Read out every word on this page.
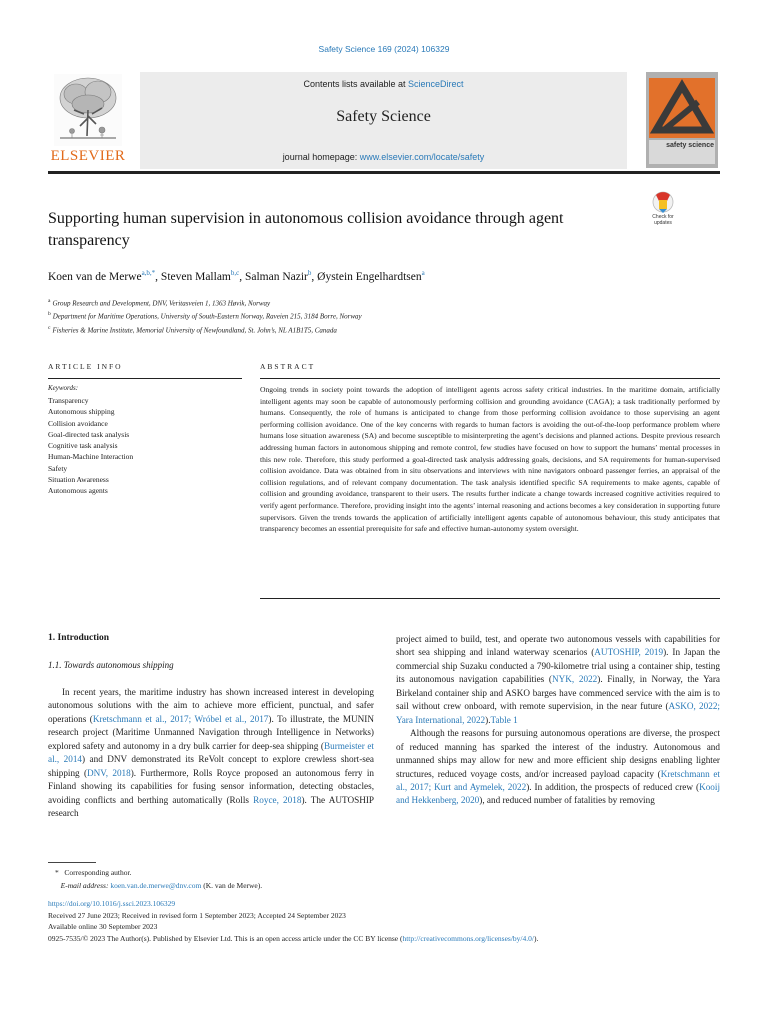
Safety Science 169 (2024) 106329
ELSEVIER
Contents lists available at ScienceDirect
Safety Science
journal homepage: www.elsevier.com/locate/safety
safety science
Supporting human supervision in autonomous collision avoidance through agent transparency
Check for
updates
Koen van de Merwe$^{a,b,*}$, Steven Mallam$^{b,c}$, Salman Nazir$^b$, Øystein Engelhardtsen$^a$
$^a$ Group Research and Development, DNV, Veritasveien 1, 1363 Høvik, Norway
$^b$ Department for Maritime Operations, University of South-Eastern Norway, Raveien 215, 3184 Borre, Norway
$^c$ Fisheries & Marine Institute, Memorial University of Newfoundland, St. John’s, NL A1B1T5, Canada
ARTICLE INFO
Keywords:
Transparency
Autonomous shipping
Collision avoidance
Goal-directed task analysis
Cognitive task analysis
Human-Machine Interaction
Safety
Situation Awareness
Autonomous agents
ABSTRACT

Ongoing trends in society point towards the adoption of intelligent agents across safety critical industries. In the maritime domain, artificially intelligent agents may soon be capable of autonomously performing collision and grounding avoidance (CAGA); a task traditionally performed by humans. Consequently, the role of humans is anticipated to change from those performing collision avoidance to those supervising an agent performing collision avoidance. One of the key concerns with regards to human factors is avoiding the out-of-the-loop performance problem where humans lose situation awareness (SA) and become susceptible to misinterpreting the agent’s decisions and planned actions. Despite previous research addressing human factors in autonomous shipping and remote control, few studies have focused on how to support the humans’ mental processes in this new role. Therefore, this study performed a goal-directed task analysis addressing goals, decisions, and SA requirements for human-supervised collision avoidance. Data was obtained from in situ observations and interviews with nine navigators onboard passenger ferries, an appraisal of the collision regulations, and of relevant company documentation. The task analysis identified specific SA requirements to make agents, capable of collision and grounding avoidance, transparent to their users. The results further indicate a change towards increased cognitive activities required to verify agent performance. Therefore, providing insight into the agents’ internal reasoning and actions becomes a key consideration in supporting future supervisors. Given the trends towards the application of artificially intelligent agents capable of autonomous behaviour, this study anticipates that transparency becomes an essential prerequisite for safe and effective human-autonomy system oversight.

1. Introduction
1.1. Towards autonomous shipping

In recent years, the maritime industry has shown increased interest in developing autonomous solutions with the aim to achieve more efficient, punctual, and safer operations (Kretschmann et al., 2017; Wróbel et al., 2017). To illustrate, the MUNIN research project (Maritime Unmanned Navigation through Intelligence in Networks) explored safety and autonomy in a dry bulk carrier for deep-sea shipping (Burmeister et al., 2014) and DNV demonstrated its ReVolt concept to explore crewless short-sea shipping (DNV, 2018). Furthermore, Rolls Royce proposed an autonomous ferry in Finland showing its capabilities for fusing sensor information, detecting obstacles, avoiding conflicts and berthing automatically (Rolls Royce, 2018). The AUTOSHIP research

project aimed to build, test, and operate two autonomous vessels with capabilities for short sea shipping and inland waterway scenarios (AUTOSHIP, 2019). In Japan the commercial ship Suzaku conducted a 790-kilometre trial using a container ship, testing its autonomous navigation capabilities (NYK, 2022). Finally, in Norway, the Yara Birkeland container ship and ASKO barges have commenced service with the aim is to sail without crew onboard, with remote supervision, in the near future (ASKO, 2022; Yara International, 2022).Table 1

Although the reasons for pursuing autonomous operations are diverse, the prospect of reduced manning has sparked the interest of the industry. Autonomous and unmanned ships may allow for new and more efficient ship designs enabling lighter structures, reduced voyage costs, and/or increased payload capacity (Kretschmann et al., 2017; Kurt and Aymelek, 2022). In addition, the prospects of reduced crew (Kooij and Hekkenberg, 2020), and reduced number of fatalities by removing

* Corresponding author.
E-mail address: koen.van.de.merwe@dnv.com (K. van de Merwe).
https://doi.org/10.1016/j.ssci.2023.106329
Received 27 June 2023; Received in revised form 1 September 2023; Accepted 24 September 2023
Available online 30 September 2023
0925-7535/© 2023 The Author(s). Published by Elsevier Ltd. This is an open access article under the CC BY license (http://creativecommons.org/licenses/by/4.0/).
